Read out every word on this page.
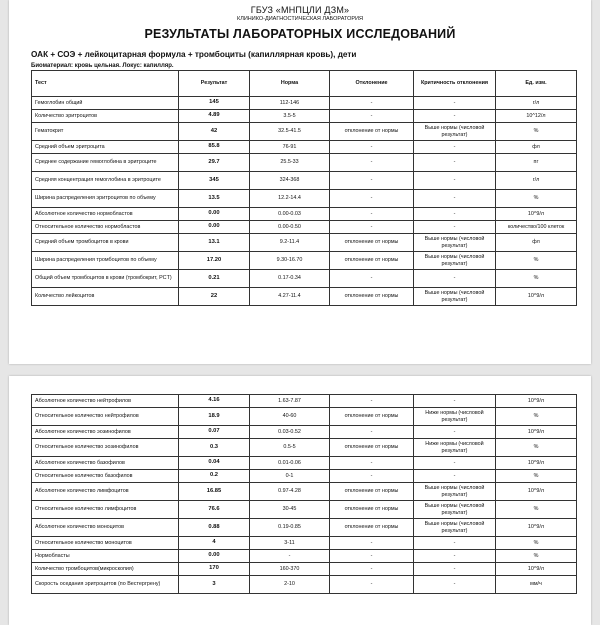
ГБУЗ «МНПЦЛИ ДЗМ»
КЛИНИКО-ДИАГНОСТИЧЕСКАЯ ЛАБОРАТОРИЯ
РЕЗУЛЬТАТЫ ЛАБОРАТОРНЫХ ИССЛЕДОВАНИЙ
ОАК + СОЭ + лейкоцитарная формула + тромбоциты (капиллярная кровь), дети
Биоматериал: кровь цельная. Локус: капилляр.
Тест	Результат	Норма	Отклонение	Критичность отклонения	Ед. изм.
Гемоглобин общий	145	112-146	-	-	г/л
Количество эритроцитов	4.89	3.5-5	-	-	10^12/л
Гематокрит	42	32.5-41.5	отклонение от нормы	Выше нормы (числовой результат)	%
Средний объем эритроцита	85.8	76-91	-	-	фл
Среднее содержание гемоглобина в эритроците	29.7	25.5-33	-	-	пг
Средняя концентрация гемоглобина в эритроците	345	324-368	-	-	г/л
Ширина распределения эритроцитов по объему	13.5	12.2-14.4	-	-	%
Абсолютное количество нормобластов	0.00	0.00-0.03	-	-	10^9/л
Относительное количество нормобластов	0.00	0.00-0.50	-	-	количество/100 клеток
Средний объем тромбоцитов в крови	13.1	9.2-11.4	отклонение от нормы	Выше нормы (числовой результат)	фл
Ширина распределения тромбоцитов по объему	17.20	9.30-16.70	отклонение от нормы	Выше нормы (числовой результат)	%
Общий объем тромбоцитов в крови (тромбокрит, PCT)	0.21	0.17-0.34	-	-	%
Количество лейкоцитов	22	4.27-11.4	отклонение от нормы	Выше нормы (числовой результат)	10^9/л
Абсолютное количество нейтрофилов	4.16	1.63-7.87	-	-	10^9/л
Относительное количество нейтрофилов	18.9	40-60	отклонение от нормы	Ниже нормы (числовой результат)	%
Абсолютное количество эозинофилов	0.07	0.03-0.52	-	-	10^9/л
Относительное количество эозинофилов	0.3	0.5-5	отклонение от нормы	Ниже нормы (числовой результат)	%
Абсолютное количество базофилов	0.04	0.01-0.06	-	-	10^9/л
Относительное количество базофилов	0.2	0-1	-	-	%
Абсолютное количество лимфоцитов	16.85	0.97-4.28	отклонение от нормы	Выше нормы (числовой результат)	10^9/л
Относительное количество лимфоцитов	76.6	30-45	отклонение от нормы	Выше нормы (числовой результат)	%
Абсолютное количество моноцитов	0.88	0.19-0.85	отклонение от нормы	Выше нормы (числовой результат)	10^9/л
Относительное количество моноцитов	4	3-11	-	-	%
Нормобласты	0.00	-	-	-	%
Количество тромбоцитов(микроскопия)	170	160-370	-	-	10^9/л
Скорость оседания эритроцитов (по Вестергрену)	3	2-10	-	-	мм/ч
